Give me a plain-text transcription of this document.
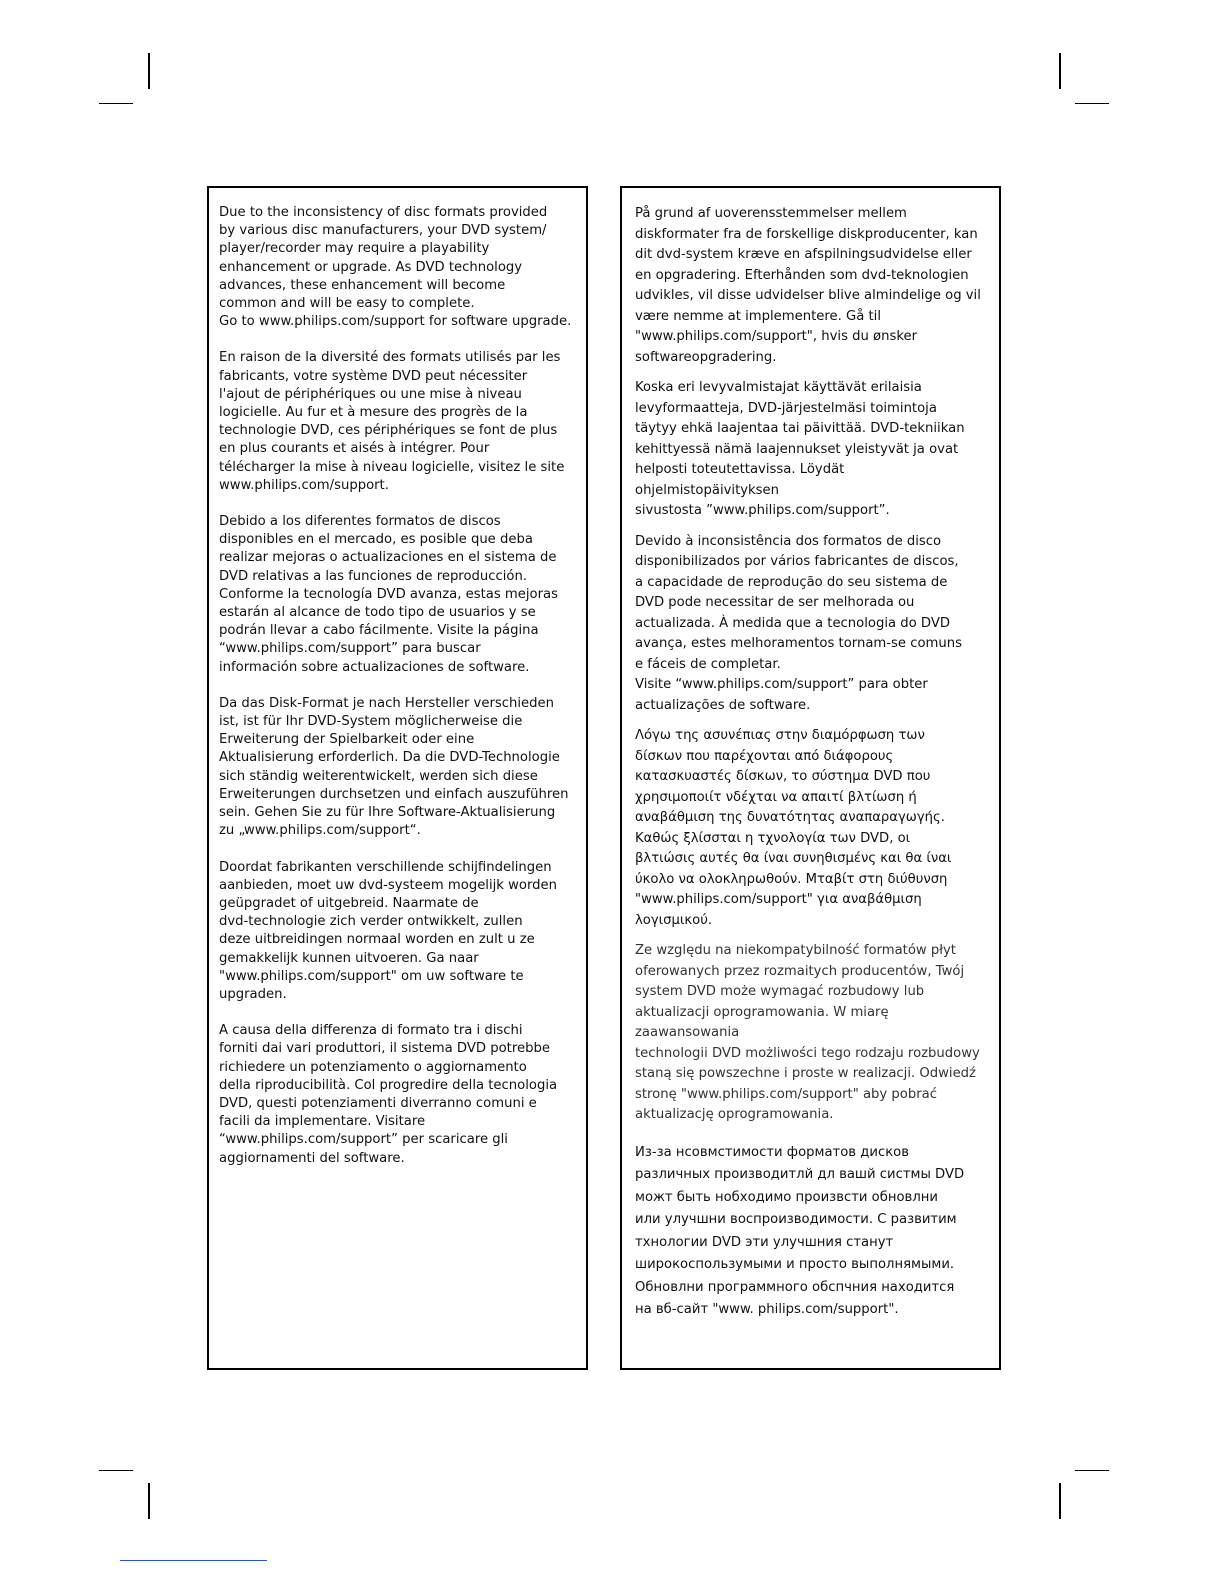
Due to the inconsistency of disc formats provided
by various disc manufacturers, your DVD system/
player/recorder may require a playability
enhancement or upgrade. As DVD technology
advances, these enhancement will become
common and will be easy to complete.
Go to www.philips.com/support for software upgrade.

En raison de la diversité des formats utilisés par les
fabricants, votre système DVD peut nécessiter
l'ajout de périphériques ou une mise à niveau
logicielle. Au fur et à mesure des progrès de la
technologie DVD, ces périphériques se font de plus
en plus courants et aisés à intégrer. Pour
télécharger la mise à niveau logicielle, visitez le site
www.philips.com/support.

Debido a los diferentes formatos de discos
disponibles en el mercado, es posible que deba
realizar mejoras o actualizaciones en el sistema de
DVD relativas a las funciones de reproducción.
Conforme la tecnología DVD avanza, estas mejoras
estarán al alcance de todo tipo de usuarios y se
podrán llevar a cabo fácilmente. Visite la página
“www.philips.com/support” para buscar
información sobre actualizaciones de software.

Da das Disk-Format je nach Hersteller verschieden
ist, ist für Ihr DVD-System möglicherweise die
Erweiterung der Spielbarkeit oder eine
Aktualisierung erforderlich. Da die DVD-Technologie
sich ständig weiterentwickelt, werden sich diese
Erweiterungen durchsetzen und einfach auszuführen
sein. Gehen Sie zu für Ihre Software-Aktualisierung
zu „www.philips.com/support“.

Doordat fabrikanten verschillende schijfindelingen
aanbieden, moet uw dvd-systeem mogelijk worden
geüpgradet of uitgebreid. Naarmate de
dvd-technologie zich verder ontwikkelt, zullen
deze uitbreidingen normaal worden en zult u ze
gemakkelijk kunnen uitvoeren. Ga naar
"www.philips.com/support" om uw software te
upgraden.

A causa della differenza di formato tra i dischi
forniti dai vari produttori, il sistema DVD potrebbe
richiedere un potenziamento o aggiornamento
della riproducibilità. Col progredire della tecnologia
DVD, questi potenziamenti diverranno comuni e
facili da implementare. Visitare
“www.philips.com/support” per scaricare gli
aggiornamenti del software.

På grund af uoverensstemmelser mellem
diskformater fra de forskellige diskproducenter, kan
dit dvd-system kræve en afspilningsudvidelse eller
en opgradering. Efterhånden som dvd-teknologien
udvikles, vil disse udvidelser blive almindelige og vil
være nemme at implementere. Gå til
"www.philips.com/support", hvis du ønsker
softwareopgradering.

Koska eri levyvalmistajat käyttävät erilaisia
levyformaatteja, DVD-järjestelmäsi toimintoja
täytyy ehkä laajentaa tai päivittää. DVD-tekniikan
kehittyessä nämä laajennukset yleistyvät ja ovat
helposti toteutettavissa. Löydät ohjelmistopäivityksen
sivustosta ”www.philips.com/support”.

Devido à inconsistência dos formatos de disco
disponibilizados por vários fabricantes de discos,
a capacidade de reprodução do seu sistema de
DVD pode necessitar de ser melhorada ou
actualizada. À medida que a tecnologia do DVD
avança, estes melhoramentos tornam-se comuns
e fáceis de completar.
Visite “www.philips.com/support” para obter
actualizações de software.

Λόγω της ασυνέπιας στην διαμόρφωση των
δίσκων που παρέχονται από διάφορους
κατασκυαστές δίσκων, το σύστημα DVD που
χρησιμοποιίτ νδέχται να απαιτί βλτίωση ή
αναβάθμιση της δυνατότητας αναπαραγωγής.
Καθώς ξλίσσται η τχνολογία των DVD, οι
βλτιώσις αυτές θα ίναι συνηθισμένς και θα ίναι
ύκολο να ολοκληρωθούν. Μταβίτ στη διύθυνση
"www.philips.com/support" για αναβάθμιση
λογισμικού.

Ze względu na niekompatybilność formatów płyt
oferowanych przez rozmaitych producentów, Twój
system DVD może wymagać rozbudowy lub
aktualizacji oprogramowania. W miarę zaawansowania
technologii DVD możliwości tego rodzaju rozbudowy
staną się powszechne i proste w realizacji. Odwiedź
stronę "www.philips.com/support" aby pobrać
aktualizację oprogramowania.

Из-за нсовмстимости форматов дисков
различных производитлй дл вашй систмы DVD
можт быть нобходимо произвсти обновлни
или улучшни воспроизводимости. С развитим
тхнологии DVD эти улучшния станут
широкоспользумыми и просто выполнямыми.
Обновлни программного обспчния находится
на вб-сайт "www. philips.com/support".
